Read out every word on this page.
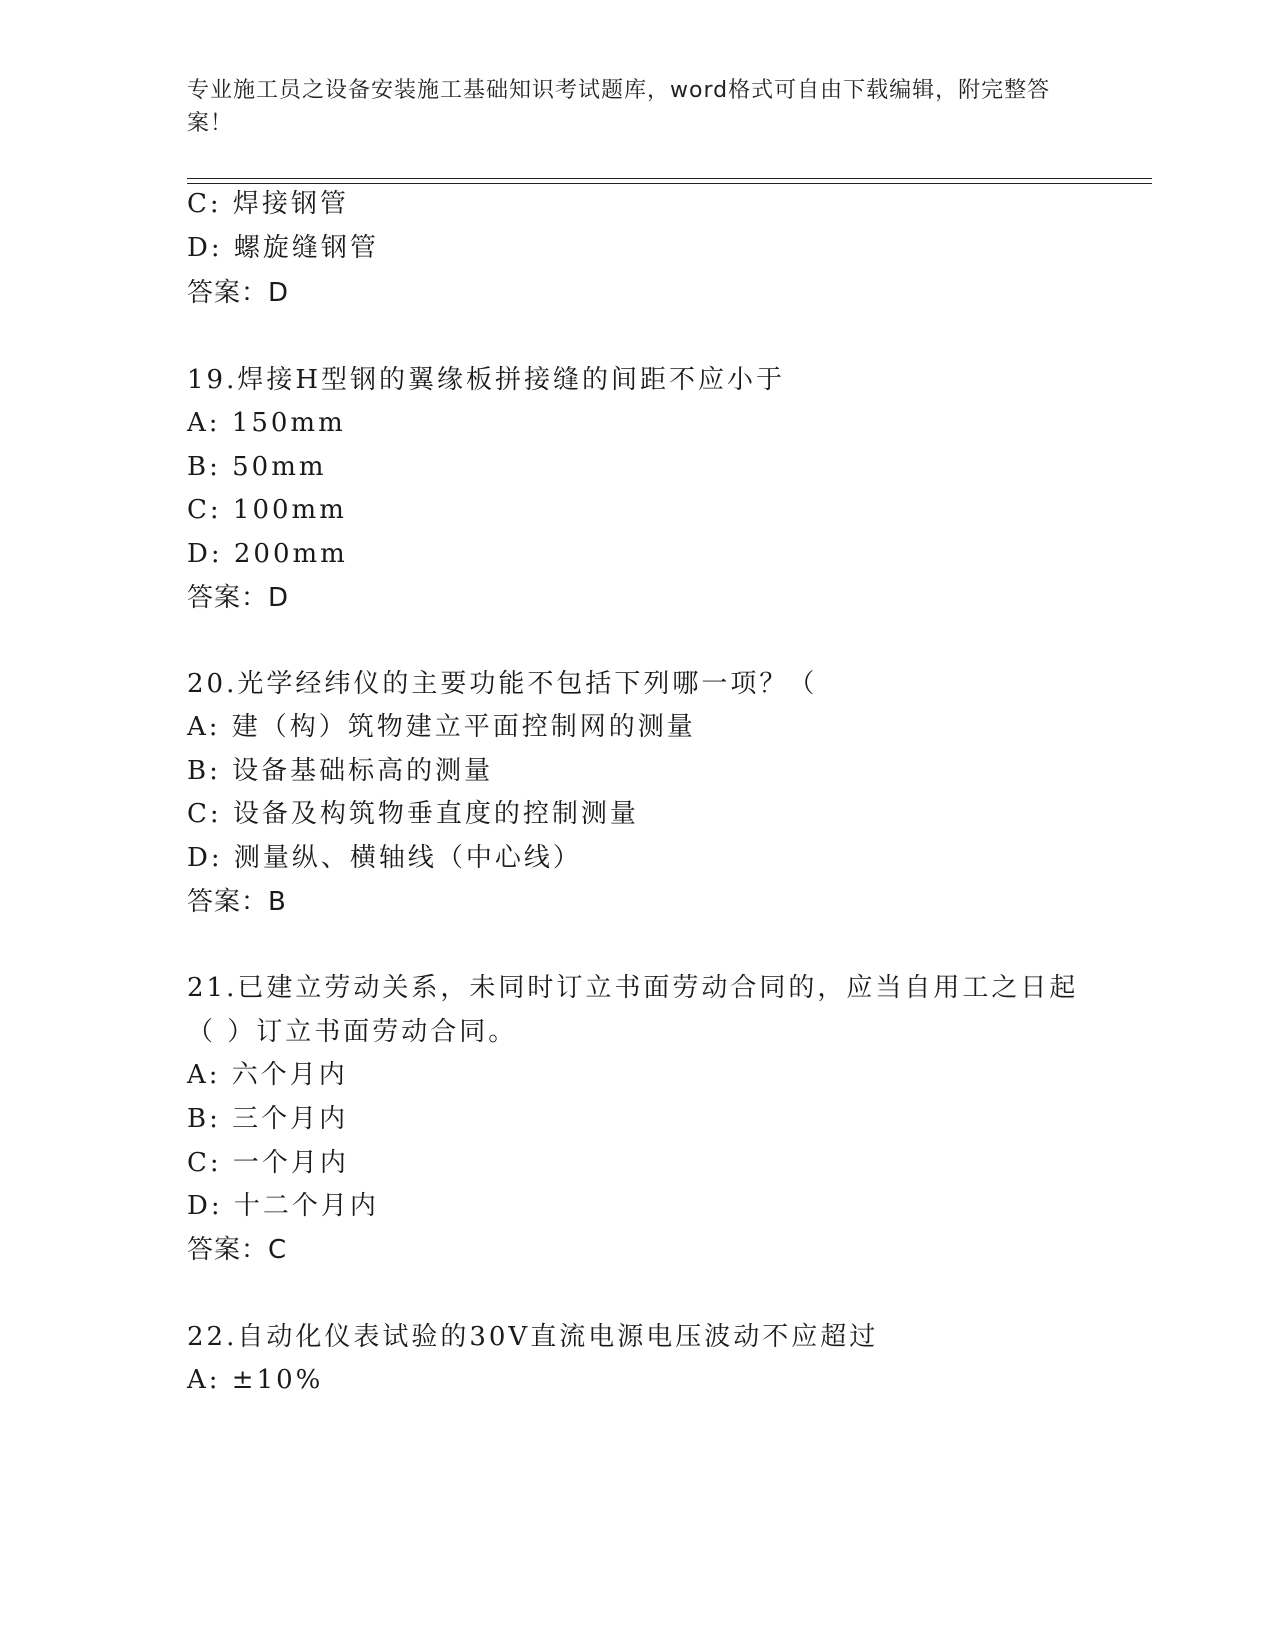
专业施工员之设备安装施工基础知识考试题库，word格式可自由下载编辑，附完整答案！
C: 焊接钢管
D: 螺旋缝钢管
答案：D
19.焊接H型钢的翼缘板拼接缝的间距不应小于
A: 150mm
B: 50mm
C: 100mm
D: 200mm
答案：D
20.光学经纬仪的主要功能不包括下列哪一项？（
A: 建（构）筑物建立平面控制网的测量
B: 设备基础标高的测量
C: 设备及构筑物垂直度的控制测量
D: 测量纵、横轴线（中心线）
答案：B
21.已建立劳动关系，未同时订立书面劳动合同的，应当自用工之日起
（ ）订立书面劳动合同。
A: 六个月内
B: 三个月内
C: 一个月内
D: 十二个月内
答案：C
22.自动化仪表试验的30V直流电源电压波动不应超过
A: ±10%
